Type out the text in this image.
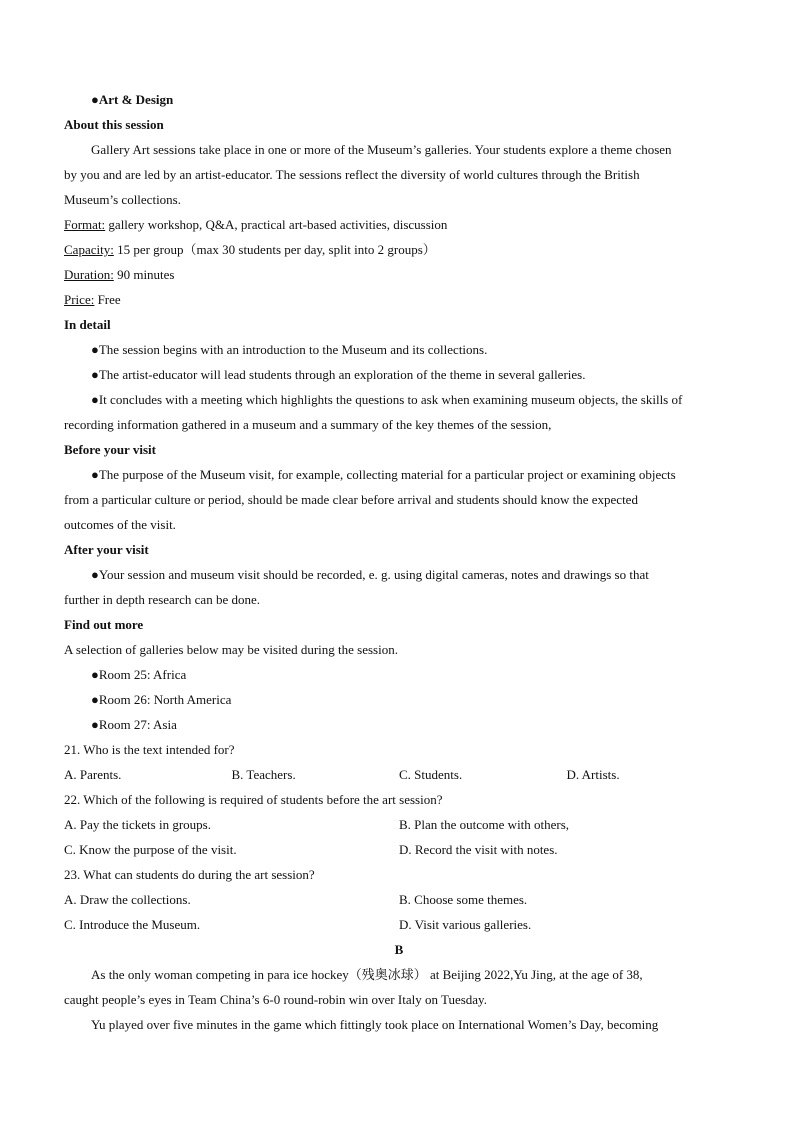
●Art & Design
About this session
Gallery Art sessions take place in one or more of the Museum’s galleries. Your students explore a theme chosen
by you and are led by an artist-educator. The sessions reflect the diversity of world cultures through the British
Museum’s collections.
Format: gallery workshop, Q&A, practical art-based activities, discussion
Capacity: 15 per group（max 30 students per day, split into 2 groups）
Duration: 90 minutes
Price: Free
In detail
●The session begins with an introduction to the Museum and its collections.
●The artist-educator will lead students through an exploration of the theme in several galleries.
●It concludes with a meeting which highlights the questions to ask when examining museum objects, the skills of
recording information gathered in a museum and a summary of the key themes of the session,
Before your visit
●The purpose of the Museum visit, for example, collecting material for a particular project or examining objects
from a particular culture or period, should be made clear before arrival and students should know the expected
outcomes of the visit.
After your visit
●Your session and museum visit should be recorded, e. g. using digital cameras, notes and drawings so that
further in depth research can be done.
Find out more
A selection of galleries below may be visited during the session.
●Room 25: Africa
●Room 26: North America
●Room 27: Asia
21. Who is the text intended for?
A. Parents.	B. Teachers.	C. Students.	D. Artists.
22. Which of the following is required of students before the art session?
A. Pay the tickets in groups.	B. Plan the outcome with others,
C. Know the purpose of the visit.	D. Record the visit with notes.
23. What can students do during the art session?
A. Draw the collections.	B. Choose some themes.
C. Introduce the Museum.	D. Visit various galleries.
B
As the only woman competing in para ice hockey（残奥冰球） at Beijing 2022,Yu Jing, at the age of 38,
caught people’s eyes in Team China’s 6-0 round-robin win over Italy on Tuesday.
Yu played over five minutes in the game which fittingly took place on International Women’s Day, becoming
